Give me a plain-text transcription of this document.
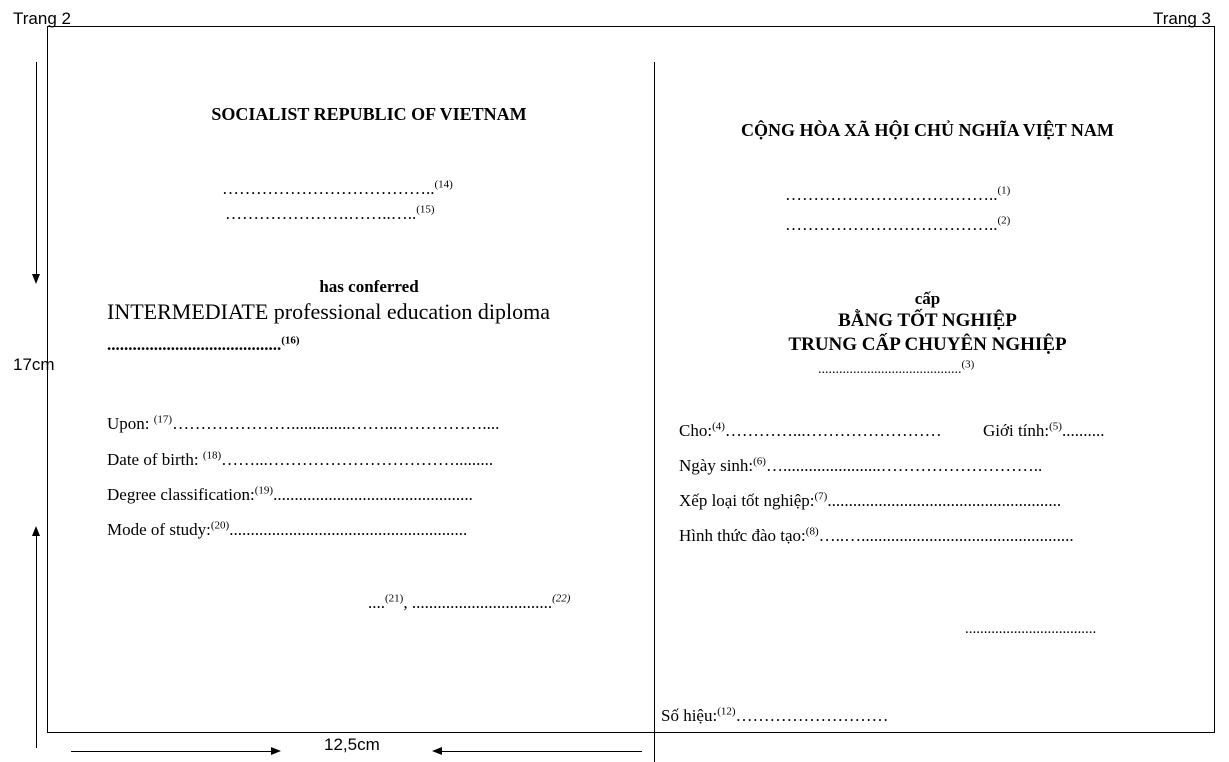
Trang 2	Trang 3
17cm
12,5cm
SOCIALIST REPUBLIC OF VIETNAM
………………………………..$^{(14)}$
………………….……..…..$^{(15)}$
has conferred
INTERMEDIATE professional education diploma
.........................................$^{(16)}$
Upon: $^{(17)}$…………………..............……...……………....
Date of birth: $^{(18)}$……...…………………………….........
Degree classification:$^{(19)}$...............................................
Mode of study:$^{(20)}$........................................................
....$^{(21)}$, .................................$^{(22)}$
CỘNG HÒA XÃ HỘI CHỦ NGHĨA VIỆT NAM
………………………………..$^{(1)}$
………………………………..$^{(2)}$
cấp
BẰNG TỐT NGHIỆP
TRUNG CẤP CHUYÊN NGHIỆP
.........................................$^{(3)}$
Cho:$^{(4)}$…………...…………………… Giới tính:$^{(5)}$..........
Ngày sinh:$^{(6)}$….......................………………………..
Xếp loại tốt nghiệp:$^{(7)}$.......................................................
Hình thức đào tạo:$^{(8)}$…..…..................................................
...................................
Số hiệu:$^{(12)}$………………………
